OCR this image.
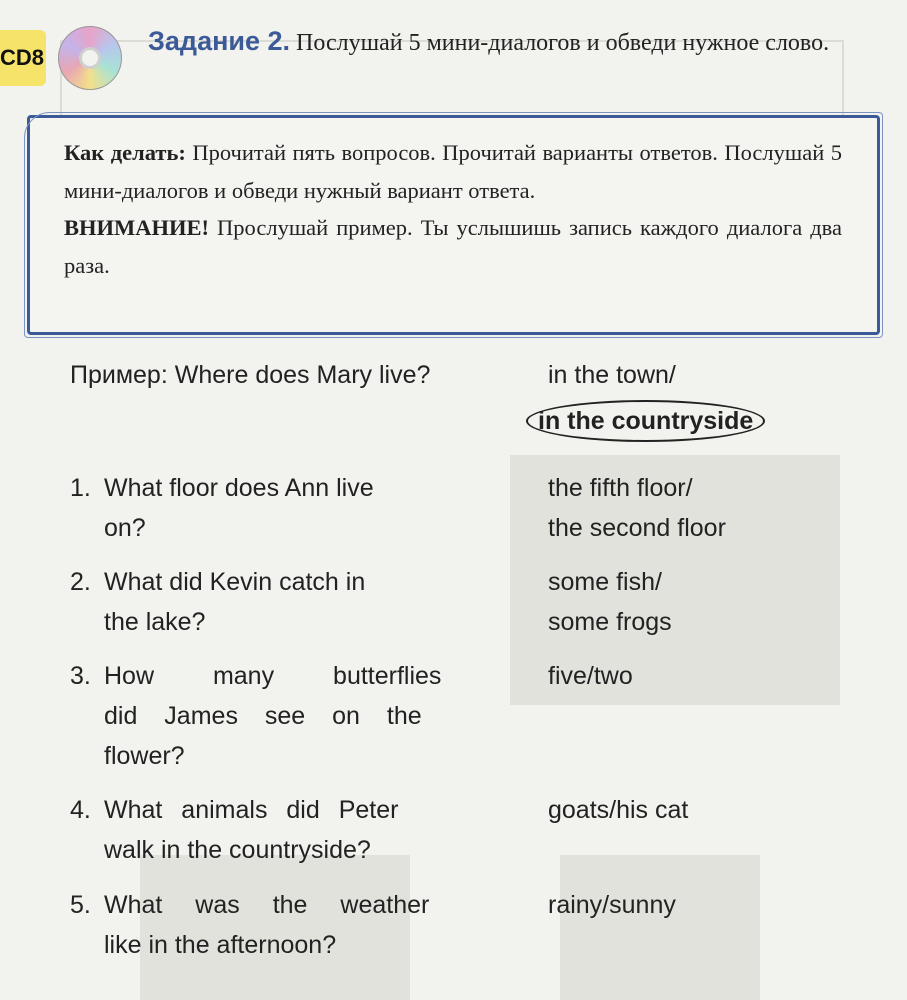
CD8
Задание 2. Послушай 5 мини-диалогов и обведи нужное слово.
Как делать: Прочитай пять вопросов. Прочитай варианты ответов. Послушай 5 мини-диалогов и обведи нужный вариант ответа.
ВНИМАНИЕ! Прослушай пример. Ты услышишь запись каждого диалога два раза.
Пример: Where does Mary live?	in the town/
in the countryside
1. What floor does Ann live
on?
the fifth floor/
the second floor
2. What did Kevin catch in
the lake?
some fish/
some frogs
3. How many butterflies
did James see on the
flower?
five/two
4. What animals did Peter
walk in the countryside?
goats/his cat
5. What was the weather
like in the afternoon?
rainy/sunny
